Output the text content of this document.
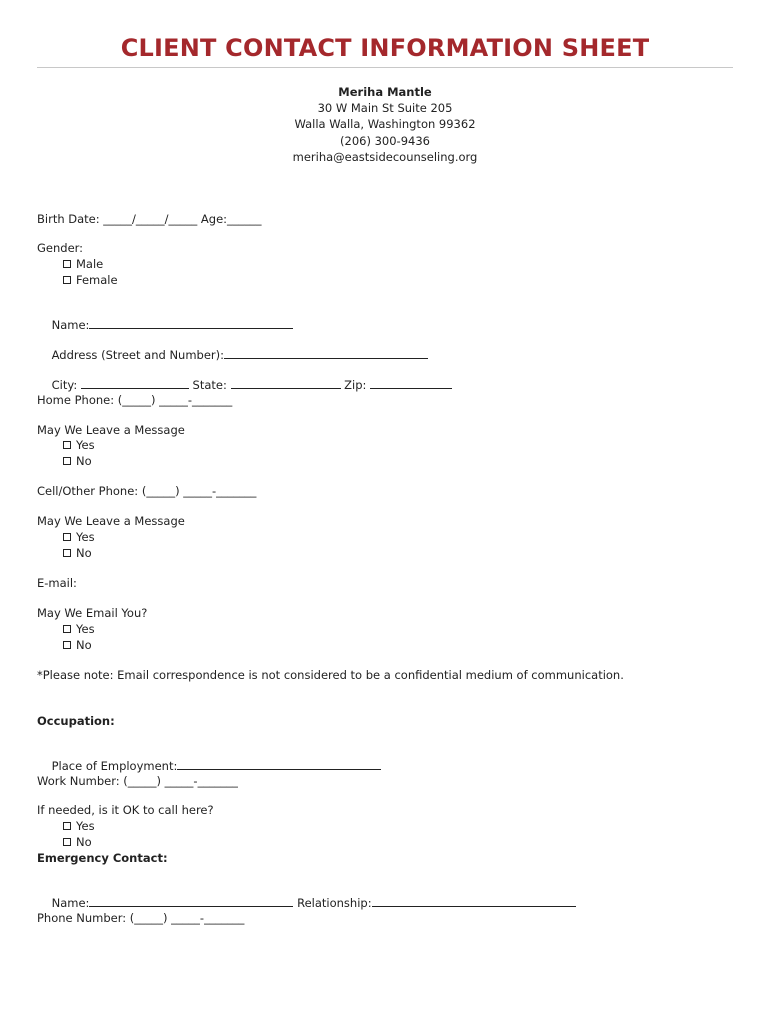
CLIENT CONTACT INFORMATION SHEET
Meriha Mantle
30 W Main St Suite 205
Walla Walla, Washington 99362
(206) 300-9436
meriha@eastsidecounseling.org
Birth Date: _____/_____/_____ Age:______
Gender:
Male
Female

Name:

Address (Street and Number):

City:	State:	Zip:

Home Phone: (_____) _____-_______
May We Leave a Message
Yes
No
Cell/Other Phone: (_____) _____-_______
May We Leave a Message
Yes
No
E-mail:
May We Email You?
Yes
No
*Please note: Email correspondence is not considered to be a confidential medium of communication.
Occupation:

Place of Employment:

Work Number: (_____) _____-_______
If needed, is it OK to call here?
Yes
No
Emergency Contact:

Name:	Relationship:

Phone Number: (_____) _____-_______
